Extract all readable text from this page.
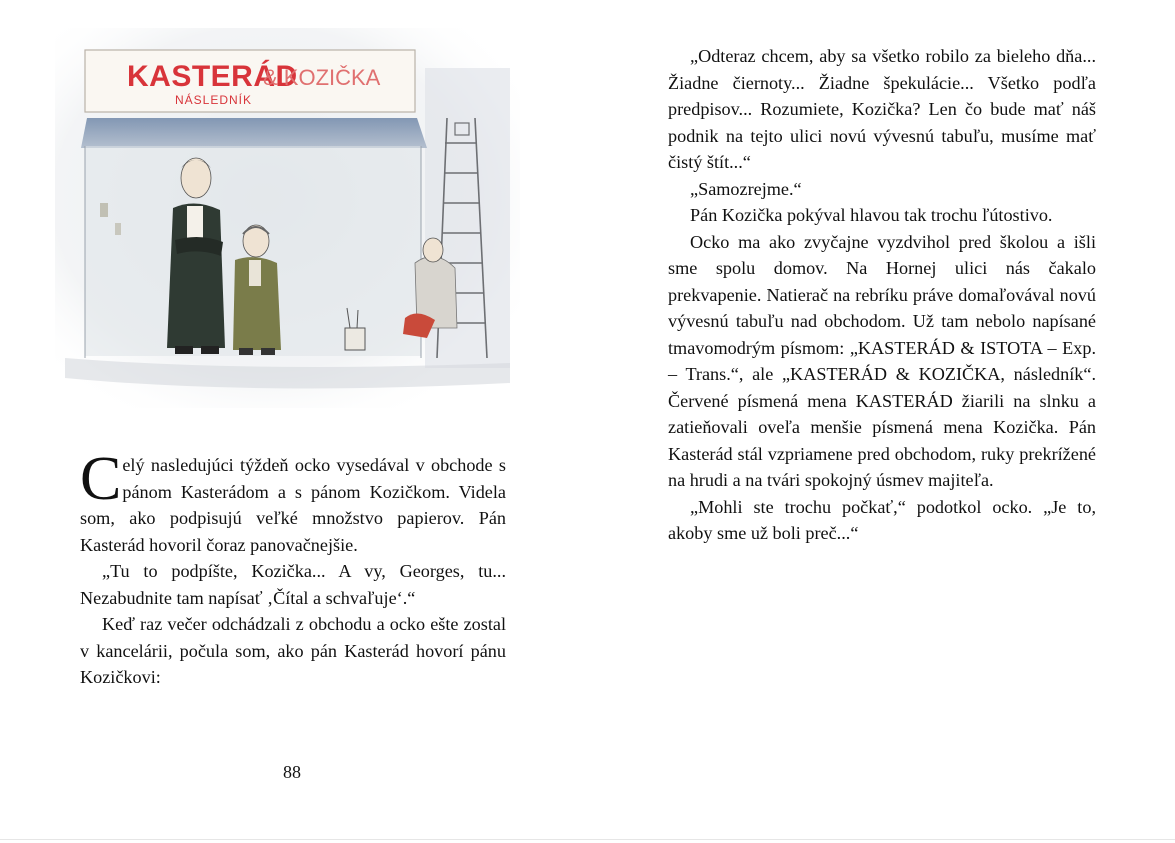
KASTERÁD
& KOZIČKA
NÁSLEDNÍK

Celý nasledujúci týždeň ocko vysedával v obchode s pánom Kasterádom a s pánom Kozičkom. Videla som, ako podpisujú veľké množstvo papierov. Pán Kasterád hovoril čoraz panovačnejšie.

„Tu to podpíšte, Kozička... A vy, Georges, tu... Nezabudnite tam napísať ‚Čítal a schvaľuje‘.“

Keď raz večer odchádzali z obchodu a ocko ešte zostal v kancelárii, počula som, ako pán Kasterád hovorí pánu Kozičkovi:

88

„Odteraz chcem, aby sa všetko robilo za bieleho dňa... Žiadne čiernoty... Žiadne špekulácie... Všetko podľa predpisov... Rozumiete, Kozička? Len čo bude mať náš podnik na tejto ulici novú vývesnú tabuľu, musíme mať čistý štít...“

„Samozrejme.“

Pán Kozička pokýval hlavou tak trochu ľútostivo.

Ocko ma ako zvyčajne vyzdvihol pred školou a išli sme spolu domov. Na Hornej ulici nás čakalo prekvapenie. Natierač na rebríku práve domaľovával novú vývesnú tabuľu nad obchodom. Už tam nebolo napísané tmavomodrým písmom: „KASTERÁD & ISTOTA – Exp. – Trans.“, ale „KASTERÁD & KOZIČKA, následník“. Červené písmená mena KASTERÁD žiarili na slnku a zatieňovali oveľa menšie písmená mena Kozička. Pán Kasterád stál vzpriamene pred obchodom, ruky prekrížené na hrudi a na tvári spokojný úsmev majiteľa.

„Mohli ste trochu počkať,“ podotkol ocko. „Je to, akoby sme už boli preč...“
